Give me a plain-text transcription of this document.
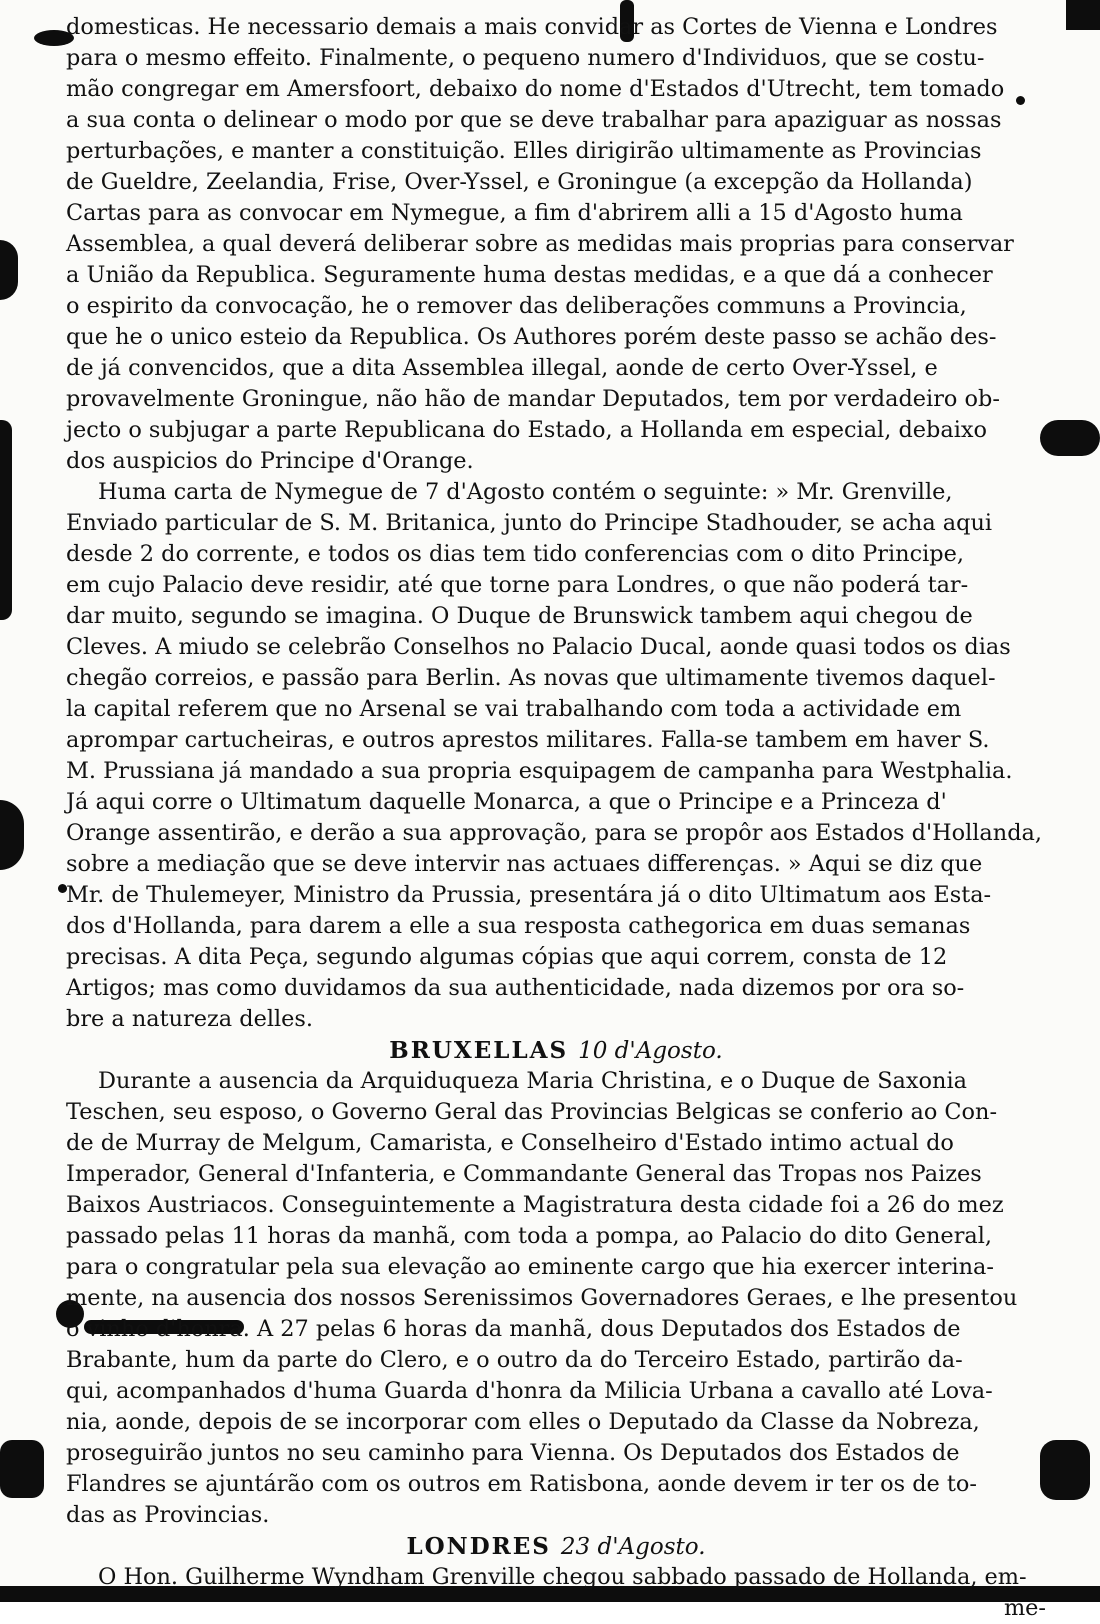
domesticas. He necessario demais a mais convidar as Cortes de Vienna e Londres
para o mesmo effeito. Finalmente, o pequeno numero d'Individuos, que se costu-
mão congregar em Amersfoort, debaixo do nome d'Estados d'Utrecht, tem tomado
a sua conta o delinear o modo por que se deve trabalhar para apaziguar as nossas
perturbações, e manter a constituição. Elles dirigirão ultimamente as Provincias
de Gueldre, Zeelandia, Frise, Over-Yssel, e Groningue (a excepção da Hollanda)
Cartas para as convocar em Nymegue, a fim d'abrirem alli a 15 d'Agosto huma
Assemblea, a qual deverá deliberar sobre as medidas mais proprias para conservar
a União da Republica. Seguramente huma destas medidas, e a que dá a conhecer
o espirito da convocação, he o remover das deliberações communs a Provincia,
que he o unico esteio da Republica. Os Authores porém deste passo se achão des-
de já convencidos, que a dita Assemblea illegal, aonde de certo Over-Yssel, e
provavelmente Groningue, não hão de mandar Deputados, tem por verdadeiro ob-
jecto o subjugar a parte Republicana do Estado, a Hollanda em especial, debaixo
dos auspicios do Principe d'Orange.
Huma carta de Nymegue de 7 d'Agosto contém o seguinte: » Mr. Grenville,
Enviado particular de S. M. Britanica, junto do Principe Stadhouder, se acha aqui
desde 2 do corrente, e todos os dias tem tido conferencias com o dito Principe,
em cujo Palacio deve residir, até que torne para Londres, o que não poderá tar-
dar muito, segundo se imagina. O Duque de Brunswick tambem aqui chegou de
Cleves. A miudo se celebrão Conselhos no Palacio Ducal, aonde quasi todos os dias
chegão correios, e passão para Berlin. As novas que ultimamente tivemos daquel-
la capital referem que no Arsenal se vai trabalhando com toda a actividade em
aprompar cartucheiras, e outros aprestos militares. Falla-se tambem em haver S.
M. Prussiana já mandado a sua propria esquipagem de campanha para Westphalia.
Já aqui corre o Ultimatum daquelle Monarca, a que o Principe e a Princeza d'
Orange assentirão, e derão a sua approvação, para se propôr aos Estados d'Hollanda,
sobre a mediação que se deve intervir nas actuaes differenças. » Aqui se diz que
Mr. de Thulemeyer, Ministro da Prussia, presentára já o dito Ultimatum aos Esta-
dos d'Hollanda, para darem a elle a sua resposta cathegorica em duas semanas
precisas. A dita Peça, segundo algumas cópias que aqui correm, consta de 12
Artigos; mas como duvidamos da sua authenticidade, nada dizemos por ora so-
bre a natureza delles.
BRUXELLAS 10 d'Agosto.
Durante a ausencia da Arquiduqueza Maria Christina, e o Duque de Saxonia
Teschen, seu esposo, o Governo Geral das Provincias Belgicas se conferio ao Con-
de de Murray de Melgum, Camarista, e Conselheiro d'Estado intimo actual do
Imperador, General d'Infanteria, e Commandante General das Tropas nos Paizes
Baixos Austriacos. Conseguintemente a Magistratura desta cidade foi a 26 do mez
passado pelas 11 horas da manhã, com toda a pompa, ao Palacio do dito General,
para o congratular pela sua elevação ao eminente cargo que hia exercer interina-
mente, na ausencia dos nossos Serenissimos Governadores Geraes, e lhe presentou
o vinho d'honra. A 27 pelas 6 horas da manhã, dous Deputados dos Estados de
Brabante, hum da parte do Clero, e o outro da do Terceiro Estado, partirão da-
qui, acompanhados d'huma Guarda d'honra da Milicia Urbana a cavallo até Lova-
nia, aonde, depois de se incorporar com elles o Deputado da Classe da Nobreza,
proseguirão juntos no seu caminho para Vienna. Os Deputados dos Estados de
Flandres se ajuntárão com os outros em Ratisbona, aonde devem ir ter os de to-
das as Provincias.
LONDRES 23 d'Agosto.
O Hon. Guilherme Wyndham Grenville chegou sabbado passado de Hollanda, em-
me-
